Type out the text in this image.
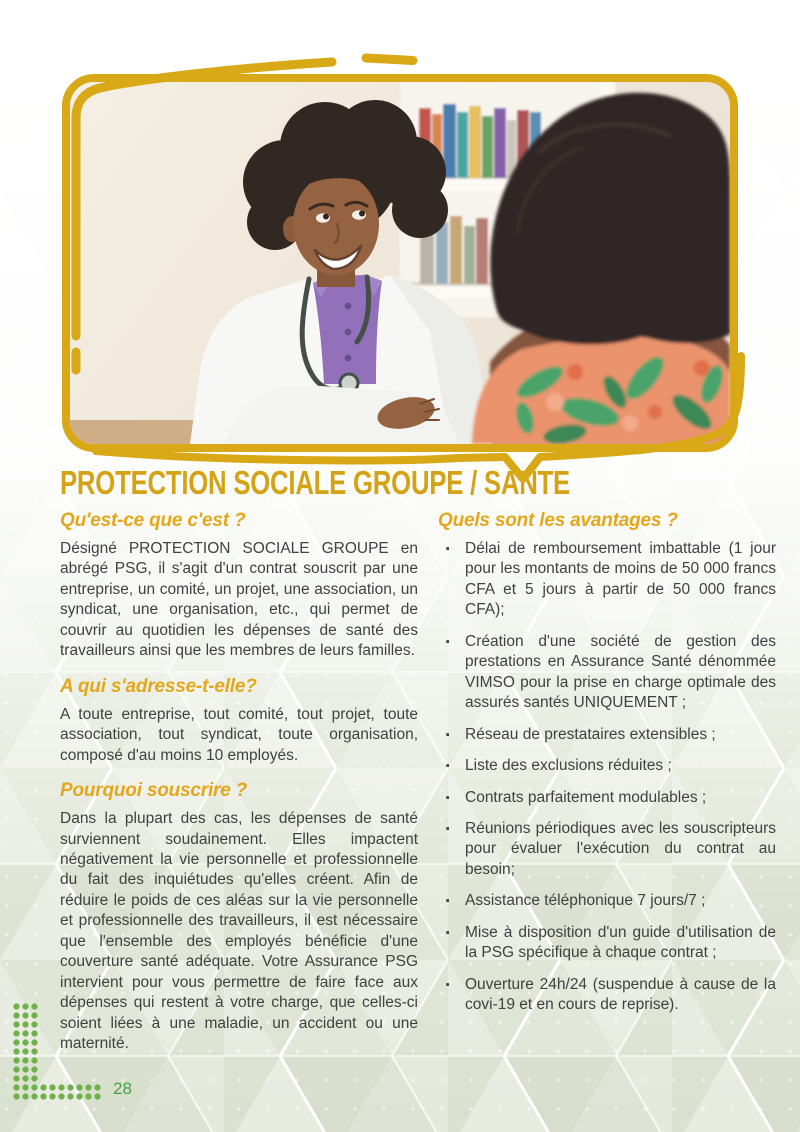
PROTECTION SOCIALE GROUPE / SANTE
Qu'est-ce que c'est ?

Désigné PROTECTION SOCIALE GROUPE en abrégé PSG, il s'agit d'un contrat souscrit par une entreprise, un comité, un projet, une association, un syndicat, une organisation, etc., qui permet de couvrir au quotidien les dépenses de santé des travailleurs ainsi que les membres de leurs familles.

A qui s'adresse-t-elle?

A toute entreprise, tout comité, tout projet, toute association, tout syndicat, toute organisation, composé d'au moins 10 employés.

Pourquoi souscrire ?

Dans la plupart des cas, les dépenses de santé surviennent soudainement. Elles impactent négativement la vie personnelle et professionnelle du fait des inquiétudes qu'elles créent. Afin de réduire le poids de ces aléas sur la vie personnelle et professionnelle des travailleurs, il est nécessaire que l'ensemble des employés bénéficie d'une couverture santé adéquate. Votre Assurance PSG intervient pour vous permettre de faire face aux dépenses qui restent à votre charge, que celles-ci soient liées à une maladie, un accident ou une maternité.

Quels sont les avantages ?
· Délai de remboursement imbattable (1 jour pour les montants de moins de 50 000 francs CFA et 5 jours à partir de 50 000 francs CFA);
· Création d'une société de gestion des prestations en Assurance Santé dénommée VIMSO pour la prise en charge optimale des assurés santés UNIQUEMENT ;
· Réseau de prestataires extensibles ;
· Liste des exclusions réduites ;
· Contrats parfaitement modulables ;
· Réunions périodiques avec les souscripteurs pour évaluer l'exécution du contrat au besoin;
· Assistance téléphonique 7 jours/7 ;
· Mise à disposition d'un guide d'utilisation de la PSG spécifique à chaque contrat ;
· Ouverture 24h/24 (suspendue à cause de la covi-19 et en cours de reprise).
28
